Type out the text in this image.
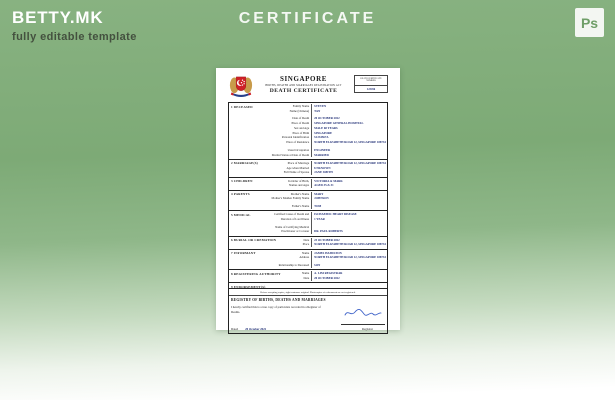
BETTY.MK
fully editable template
CERTIFICATE	Ps
SINGAPORE
BIRTHS, DEATHS AND MARRIAGES REGISTRATION ACT
DEATH CERTIFICATE
DEATH CERTIFICATE NUMBER
123456
1 DECEASED	Family Name	STEVEN
Name (Chinese)	TAN
Date of Death	20 OCTOBER 2022
Place of Death	SINGAPORE GENERAL HOSPITAL
Sex and Age	MALE 68 YEARS
Place of Birth	SINGAPORE
Personal Identification	S1234567A
Place of Residence	NORTH ELIZABETH ROAD 12, SINGAPORE 188734
Usual Occupation	ENGINEER
Marital Status at Date of Death	MARRIED
2 MARRIAGE(S)	Place of Marriage	NORTH ELIZABETH ROAD 12, SINGAPORE 188734
Age when Married	UNKNOWN
Full Name of Spouse	JANE SMITH
3 CHILDREN	In Order of Birth,	VICTORIA & MARK
Names and Ages	AGED 35 & 31
4 PARENTS	Mother's Name	MARY
Mother's Maiden Family Name	JOHNSON
Father's Name	TOM
5 MEDICAL	Certified Cause of Death and	ISCHAEMIC HEART DISEASE
Duration of Last Illness	1 YEAR
Name of Certifying Medical
Practitioner or Coroner	DR. PAUL ROBERTS
6 BURIAL OR CREMATION	Date	23 OCTOBER 2022
Place	NORTH ELIZABETH ROAD 12, SINGAPORE 188734
7 INFORMANT	Name	JAMES HAMILTON
Address	NORTH ELIZABETH ROAD 12, SINGAPORE 188734
Relationship to Deceased	SON
8 REGISTERING AUTHORITY	Name	A. LIM REGISTRAR
Date	20 OCTOBER 2022
9 ENDORSEMENT(S)
Before accepting copies, sight customer original. Photocopies of a document are not registered.
REGISTRY OF BIRTHS, DEATHS AND MARRIAGES
I hereby certified this is a true copy of particulars recorded in a Register of Deaths.
Dated 20 October 2022	Registrar
